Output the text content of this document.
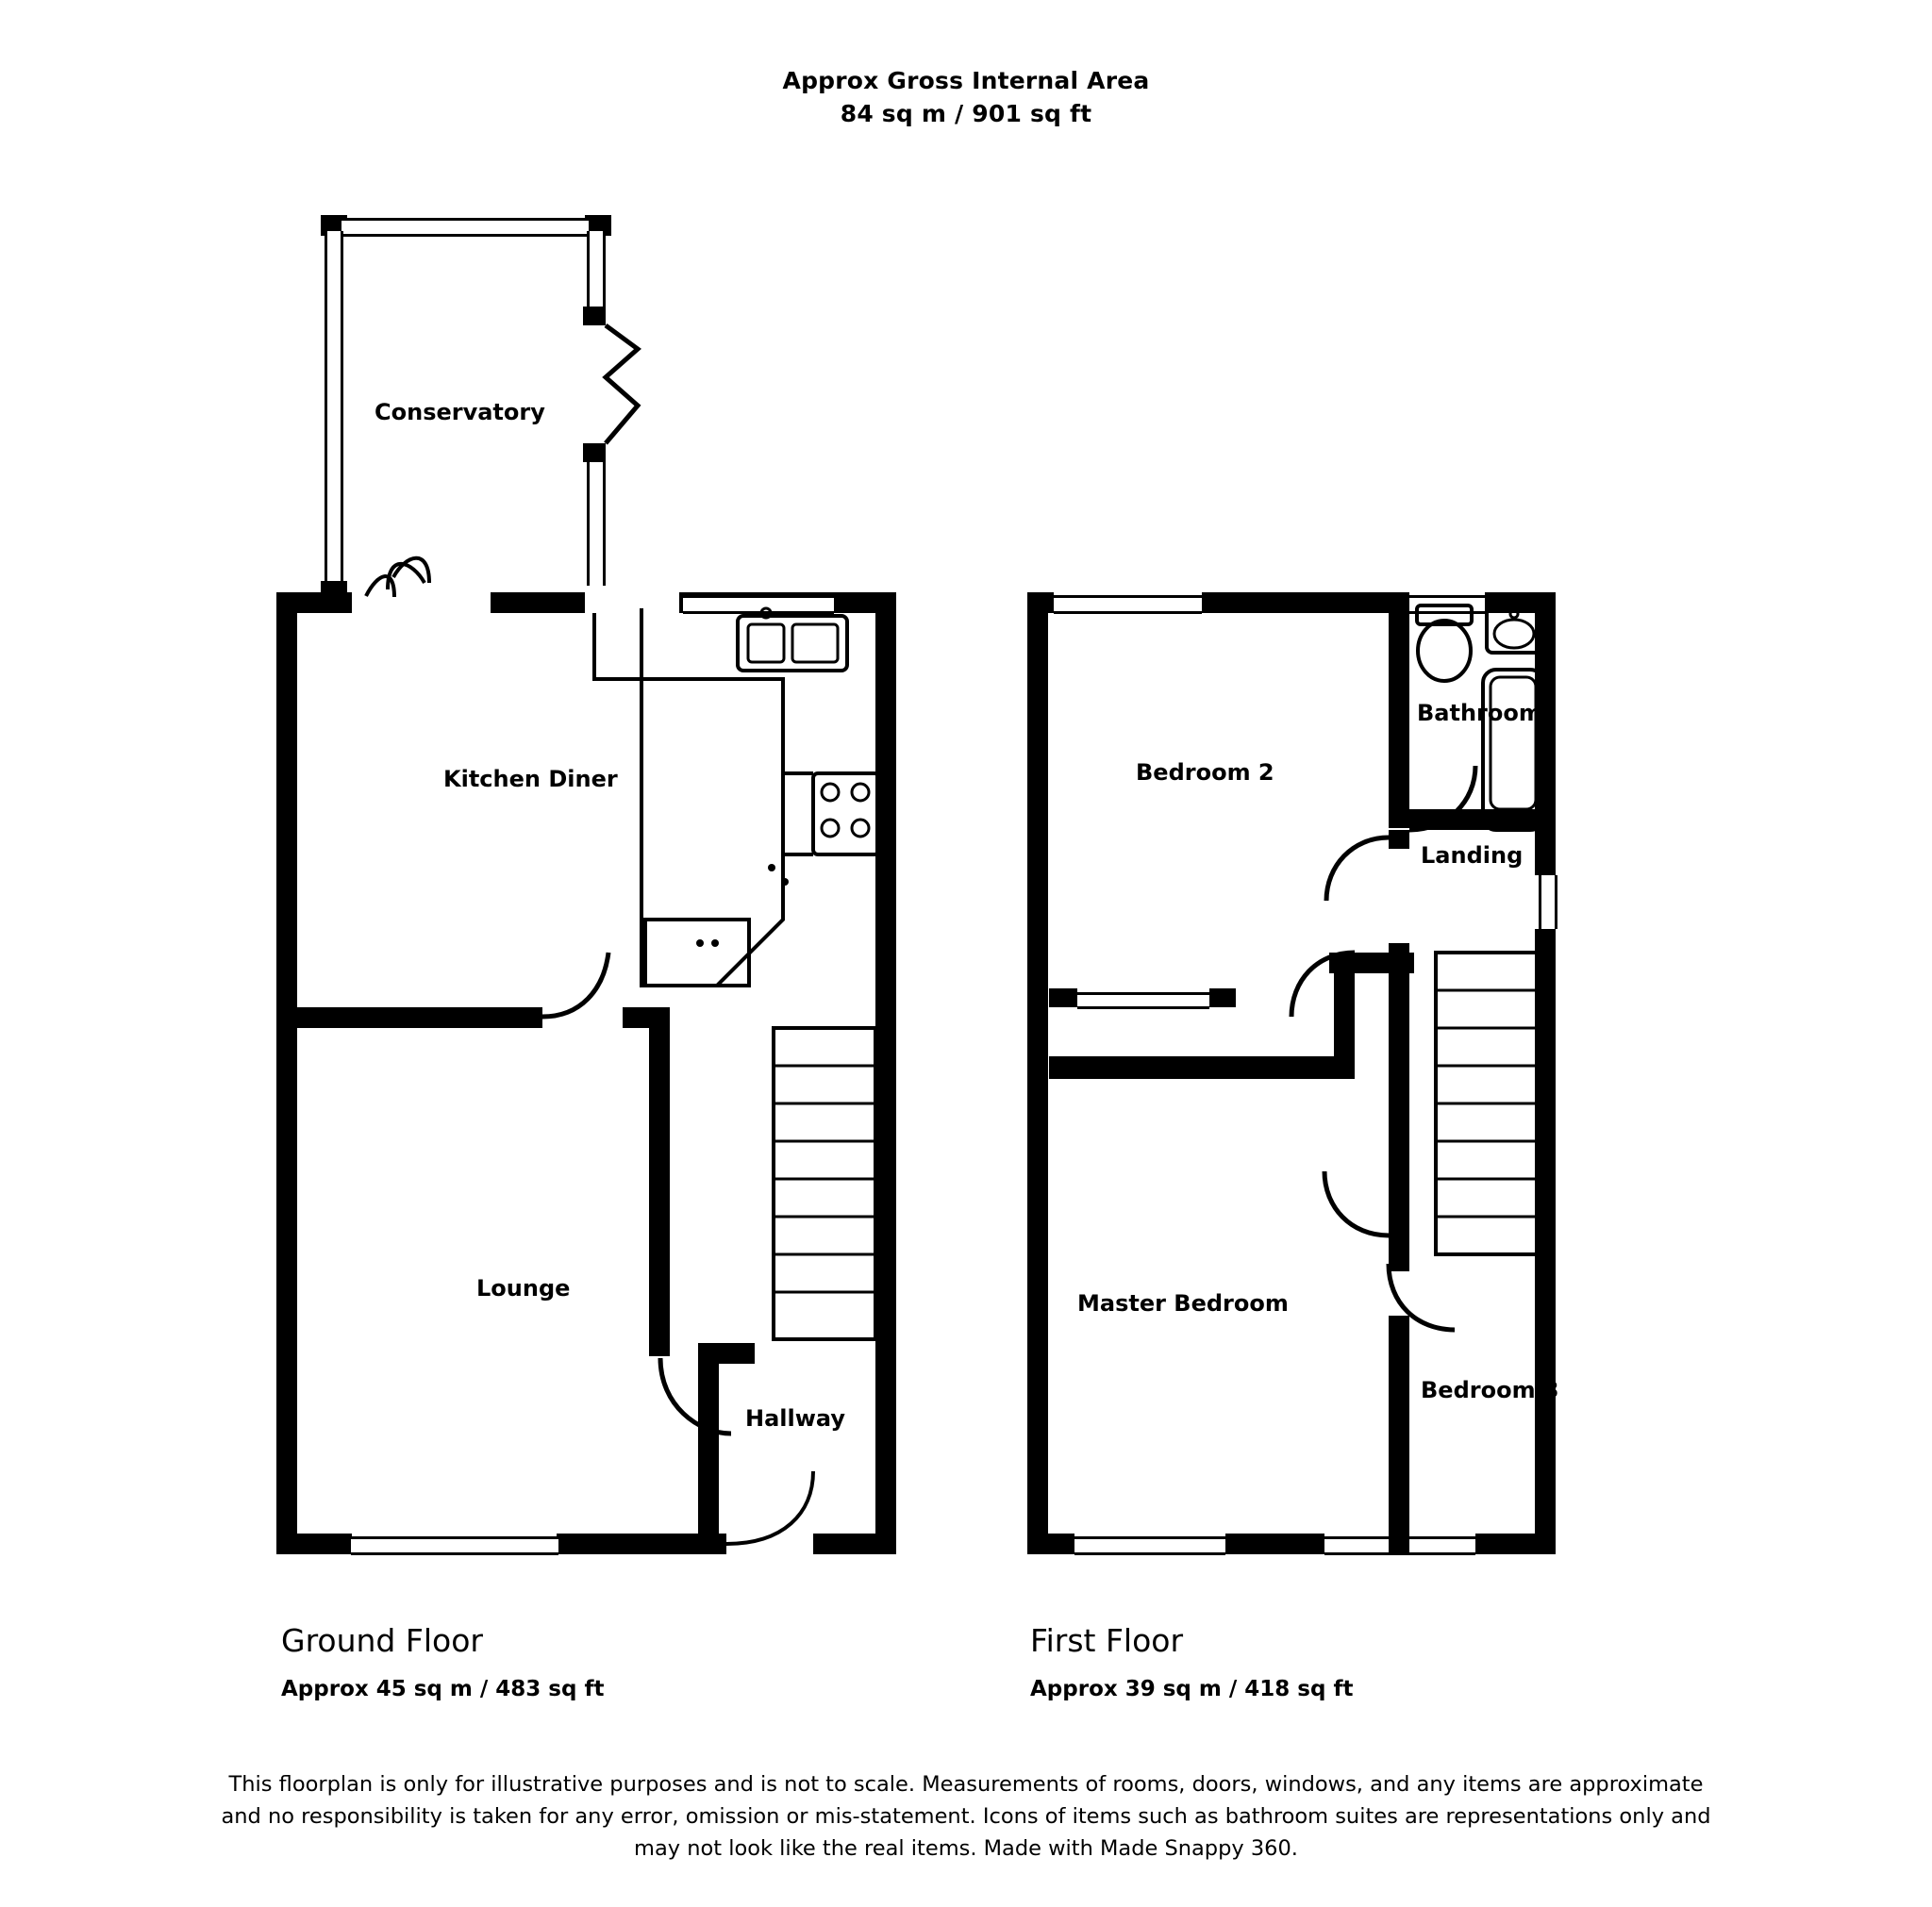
Approx Gross Internal Area
84 sq m / 901 sq ft
Conservatory
Kitchen Diner
Lounge
Hallway
Ground Floor
Approx 45 sq m / 483 sq ft
Bedroom 2
Bathroom
Landing
Master Bedroom
Bedroom 3
First Floor
Approx 39 sq m / 418 sq ft
This floorplan is only for illustrative purposes and is not to scale. Measurements of rooms, doors, windows, and any items are approximate
and no responsibility is taken for any error, omission or mis-statement. Icons of items such as bathroom suites are representations only and
may not look like the real items. Made with Made Snappy 360.
